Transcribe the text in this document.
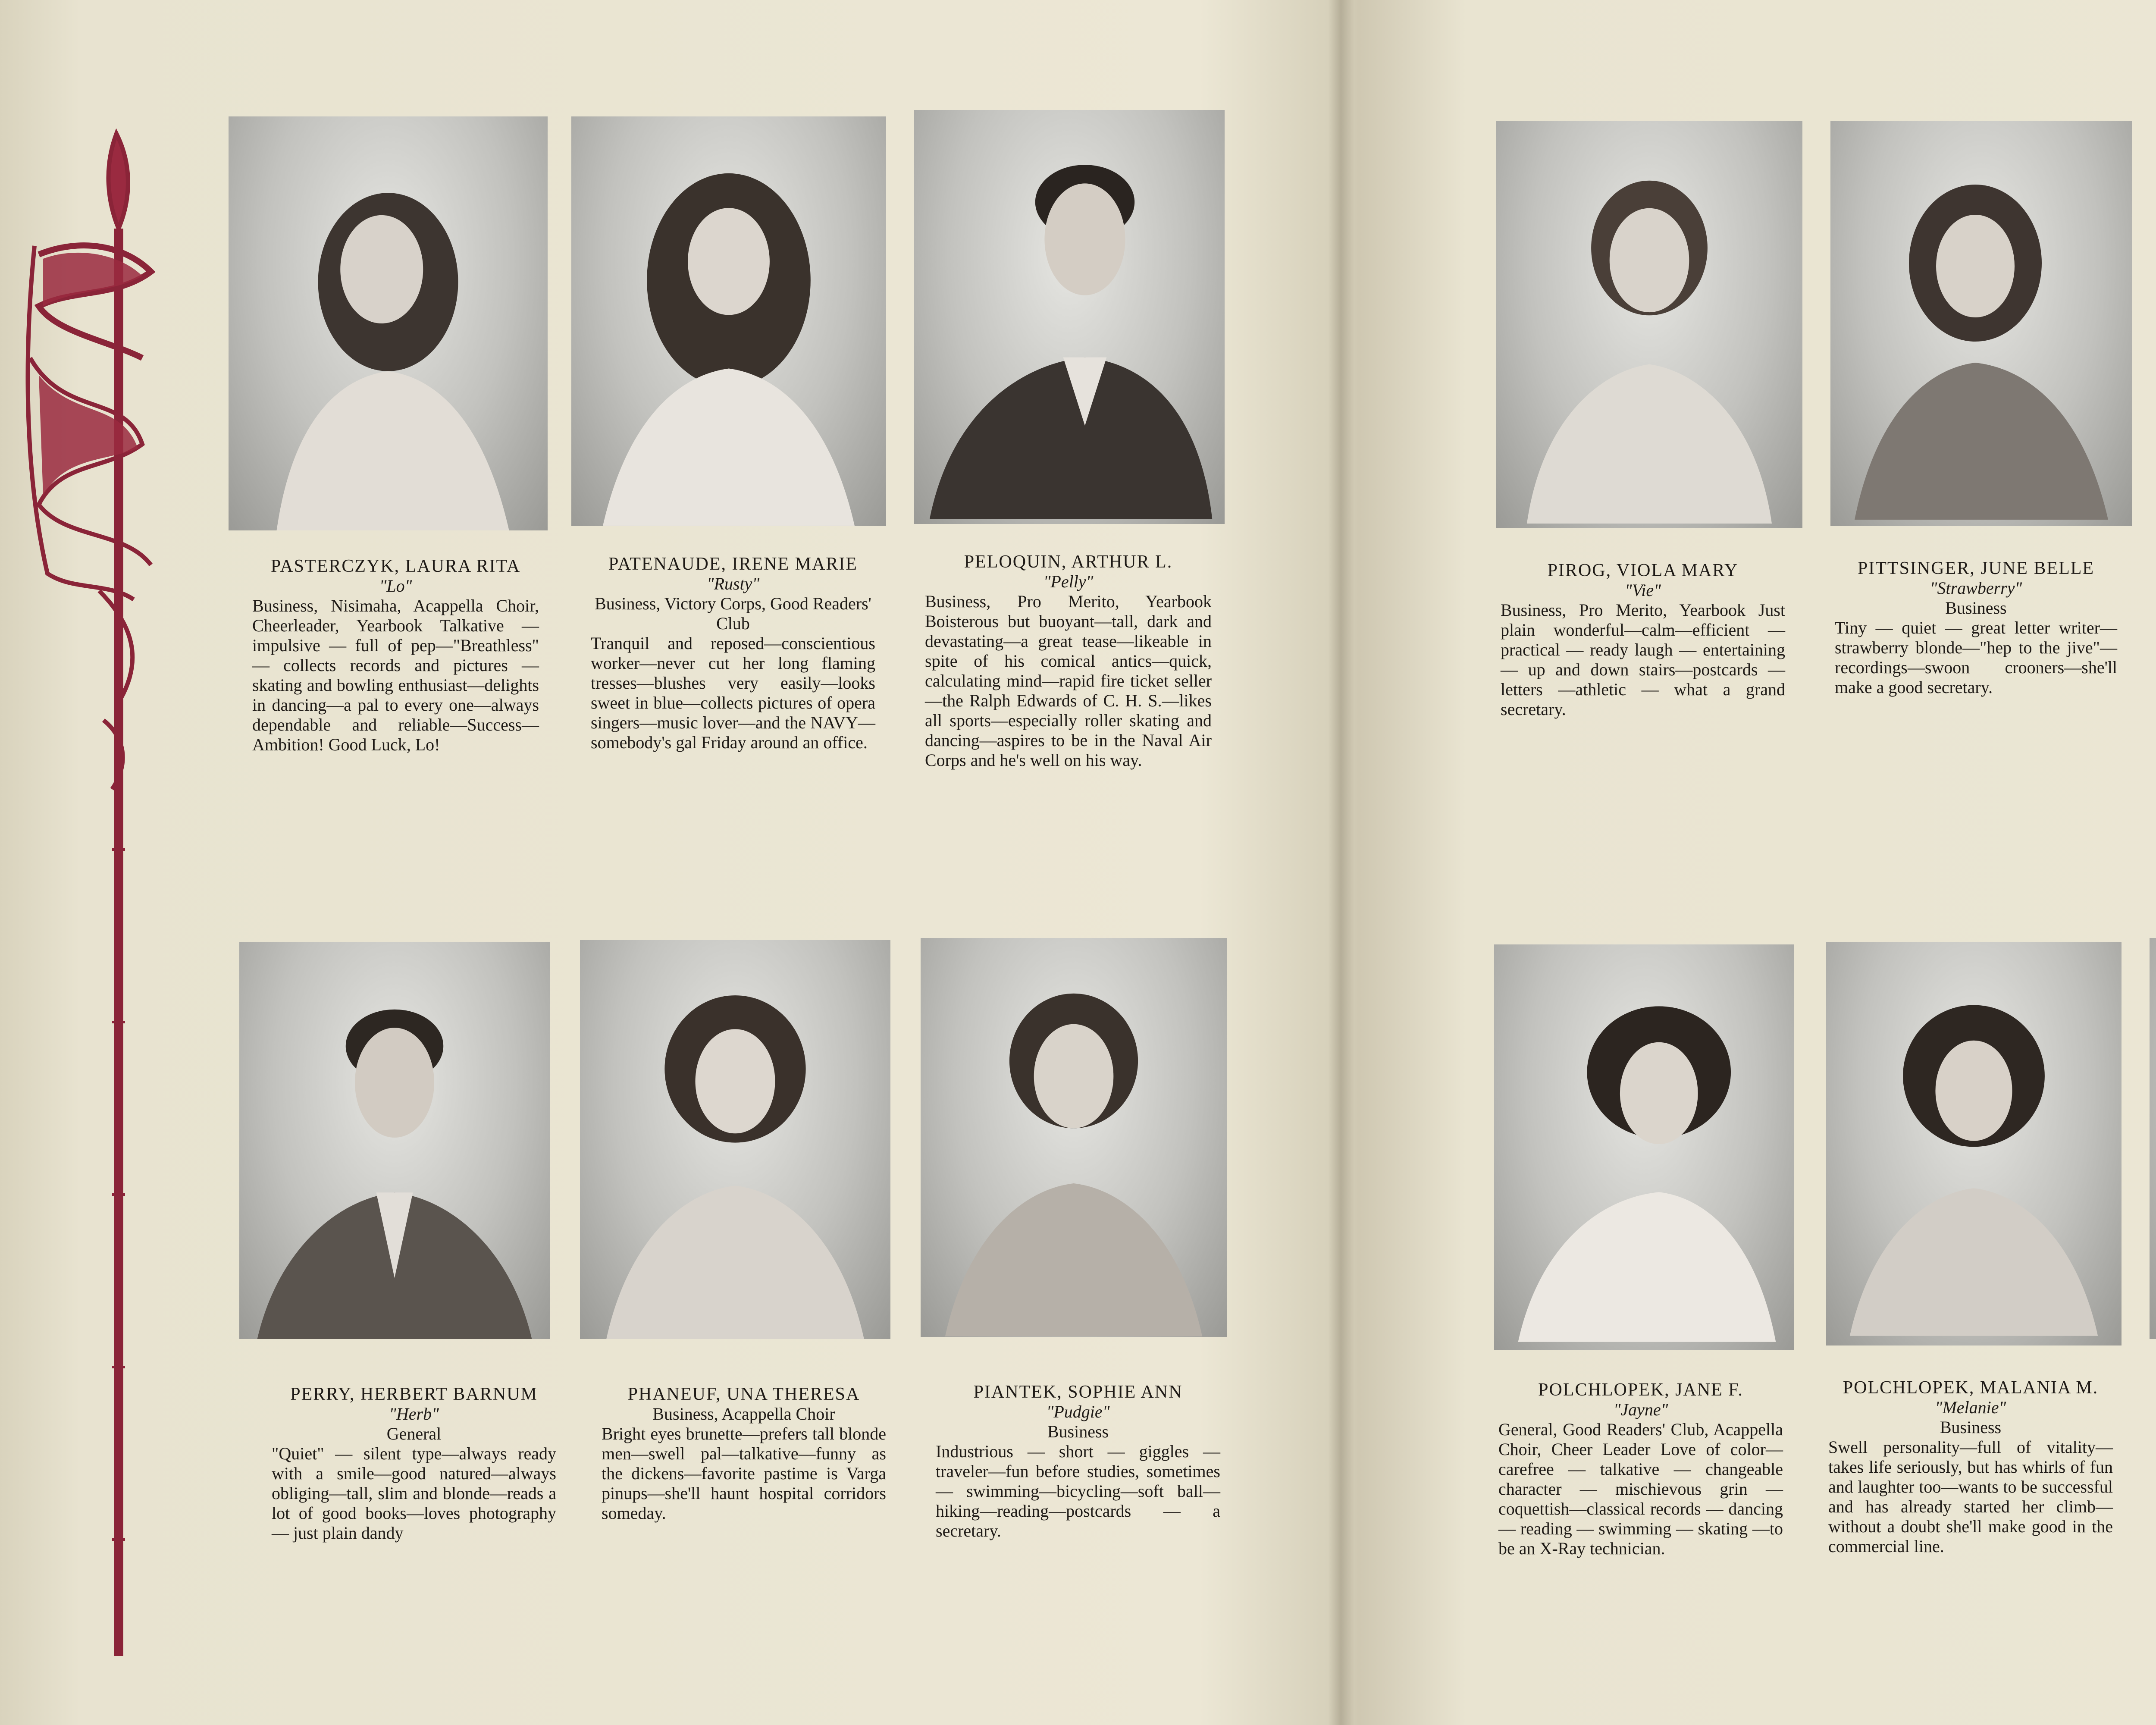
PASTERCZYK, LAURA RITA
"Lo"
Business, Nisimaha, Acappella Choir, Cheerleader, Yearbook Talkative — impulsive — full of pep—"Breathless" — collects records and pictures — skating and bowling enthusiast—delights in dancing—a pal to every one—always dependable and reliable—Success—Ambition! Good Luck, Lo!
PATENAUDE, IRENE MARIE
"Rusty"
Business, Victory Corps, Good Readers' Club
Tranquil and reposed—conscientious worker—never cut her long flaming tresses—blushes very easily—looks sweet in blue—collects pictures of opera singers—music lover—and the NAVY—somebody's gal Friday around an office.
PELOQUIN, ARTHUR L.
"Pelly"
Business, Pro Merito, Yearbook Boisterous but buoyant—tall, dark and devastating—a great tease—likeable in spite of his comical antics—quick, calculating mind—rapid fire ticket seller—the Ralph Edwards of C. H. S.—likes all sports—especially roller skating and dancing—aspires to be in the Naval Air Corps and he's well on his way.
PIROG, VIOLA MARY
"Vie"
Business, Pro Merito, Yearbook Just plain wonderful—calm—efficient — practical — ready laugh — entertaining — up and down stairs—postcards — letters —athletic — what a grand secretary.
PITTSINGER, JUNE BELLE
"Strawberry"
Business
Tiny — quiet — great letter writer—strawberry blonde—"hep to the jive"—recordings—swoon crooners—she'll make a good secretary.
PERRY, HERBERT BARNUM
"Herb"
General
"Quiet" — silent type—always ready with a smile—good natured—always obliging—tall, slim and blonde—reads a lot of good books—loves photography — just plain dandy
PHANEUF, UNA THERESA
Business, Acappella Choir
Bright eyes brunette—prefers tall blonde men—swell pal—talkative—funny as the dickens—favorite pastime is Varga pinups—she'll haunt hospital corridors someday.
PIANTEK, SOPHIE ANN
"Pudgie"
Business
Industrious — short — giggles —traveler—fun before studies, sometimes — swimming—bicycling—soft ball—hiking—reading—postcards — a secretary.
POLCHLOPEK, JANE F.
"Jayne"
General, Good Readers' Club, Acappella Choir, Cheer Leader Love of color—carefree — talkative — changeable character — mischievous grin — coquettish—classical records — dancing — reading — swimming — skating —to be an X-Ray technician.
POLCHLOPEK, MALANIA M.
"Melanie"
Business
Swell personality—full of vitality—takes life seriously, but has whirls of fun and laughter too—wants to be successful and has already started her climb—without a doubt she'll make good in the commercial line.
